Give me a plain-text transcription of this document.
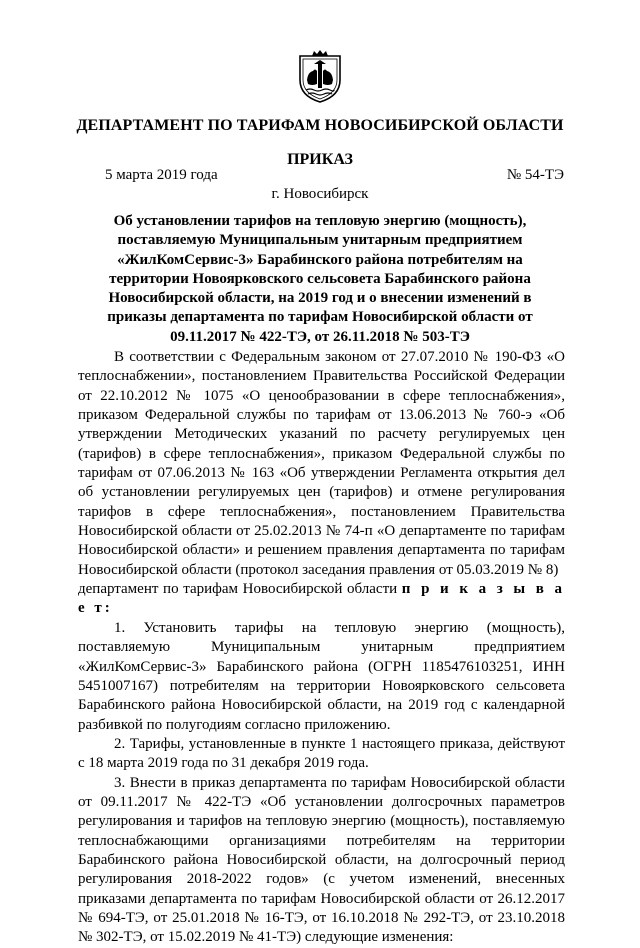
ДЕПАРТАМЕНТ ПО ТАРИФАМ НОВОСИБИРСКОЙ ОБЛАСТИ
ПРИКАЗ
5 марта 2019 года	№ 54-ТЭ
г. Новосибирск
Об установлении тарифов на тепловую энергию (мощность), поставляемую Муниципальным унитарным предприятием «ЖилКомСервис-3» Барабинского района потребителям на территории Новоярковского сельсовета Барабинского района Новосибирской области, на 2019 год и о внесении изменений в приказы департамента по тарифам Новосибирской области от 09.11.2017 № 422-ТЭ, от 26.11.2018 № 503-ТЭ

В соответствии с Федеральным законом от 27.07.2010 № 190-ФЗ «О теплоснабжении», постановлением Правительства Российской Федерации от 22.10.2012 № 1075 «О ценообразовании в сфере теплоснабжения», приказом Федеральной службы по тарифам от 13.06.2013 № 760-э «Об утверждении Методических указаний по расчету регулируемых цен (тарифов) в сфере теплоснабжения», приказом Федеральной службы по тарифам от 07.06.2013 № 163 «Об утверждении Регламента открытия дел об установлении регулируемых цен (тарифов) и отмене регулирования тарифов в сфере теплоснабжения», постановлением Правительства Новосибирской области от 25.02.2013 № 74-п «О департаменте по тарифам Новосибирской области» и решением правления департамента по тарифам Новосибирской области (протокол заседания правления от 05.03.2019 № 8)

департамент по тарифам Новосибирской области п р и к а з ы в а е т:

1. Установить тарифы на тепловую энергию (мощность), поставляемую Муниципальным унитарным предприятием «ЖилКомСервис-3» Барабинского района (ОГРН 1185476103251, ИНН 5451007167) потребителям на территории Новоярковского сельсовета Барабинского района Новосибирской области, на 2019 год с календарной разбивкой по полугодиям согласно приложению.

2. Тарифы, установленные в пункте 1 настоящего приказа, действуют с 18 марта 2019 года по 31 декабря 2019 года.

3. Внести в приказ департамента по тарифам Новосибирской области от 09.11.2017 № 422-ТЭ «Об установлении долгосрочных параметров регулирования и тарифов на тепловую энергию (мощность), поставляемую теплоснабжающими организациями потребителям на территории Барабинского района Новосибирской области, на долгосрочный период регулирования 2018-2022 годов» (с учетом изменений, внесенных приказами департамента по тарифам Новосибирской области от 26.12.2017 № 694-ТЭ, от 25.01.2018 № 16-ТЭ, от 16.10.2018 № 292-ТЭ, от 23.10.2018 № 302-ТЭ, от 15.02.2019 № 41-ТЭ) следующие изменения:
